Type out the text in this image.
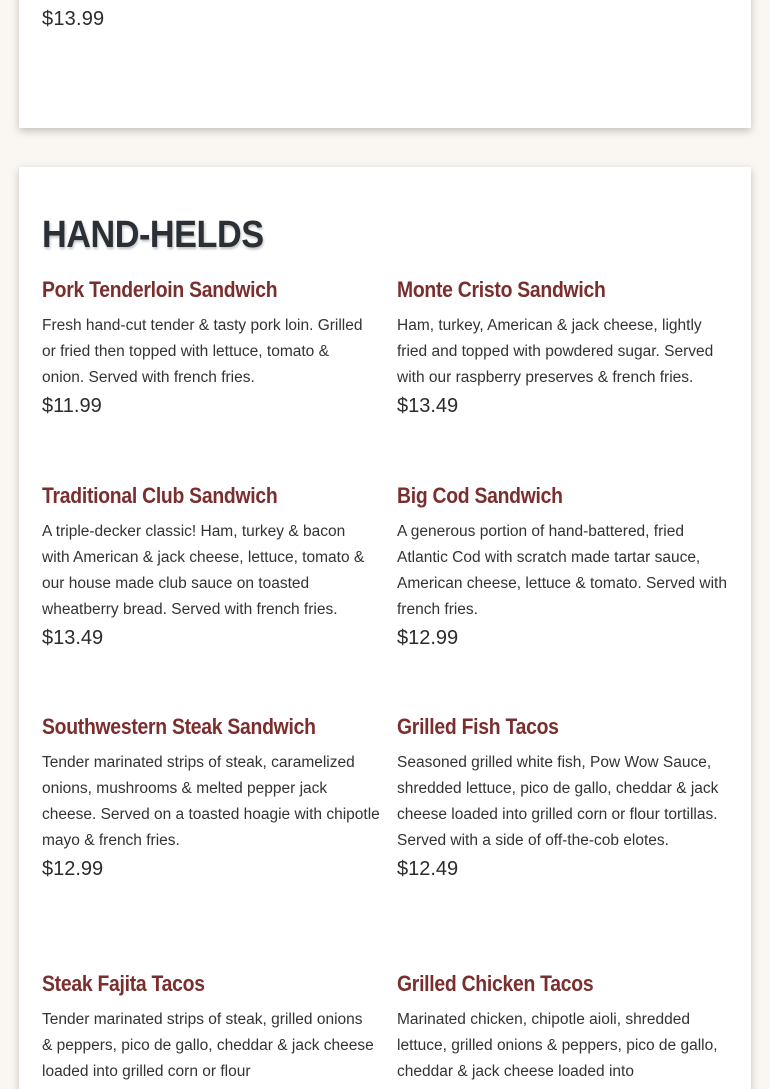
$13.99

HAND-HELDS
Pork Tenderloin Sandwich

Fresh hand-cut tender & tasty pork loin. Grilled or fried then topped with lettuce, tomato & onion. Served with french fries.

$11.99

Monte Cristo Sandwich

Ham, turkey, American & jack cheese, lightly fried and topped with powdered sugar. Served with our raspberry preserves & french fries.

$13.49

Traditional Club Sandwich

A triple-decker classic! Ham, turkey & bacon with American & jack cheese, lettuce, tomato & our house made club sauce on toasted wheatberry bread. Served with french fries.

$13.49

Big Cod Sandwich

A generous portion of hand-battered, fried Atlantic Cod with scratch made tartar sauce, American cheese, lettuce & tomato. Served with french fries.

$12.99

Southwestern Steak Sandwich

Tender marinated strips of steak, caramelized onions, mushrooms & melted pepper jack cheese. Served on a toasted hoagie with chipotle mayo & french fries.

$12.99

Grilled Fish Tacos

Seasoned grilled white fish, Pow Wow Sauce, shredded lettuce, pico de gallo, cheddar & jack cheese loaded into grilled corn or flour tortillas. Served with a side of off-the-cob elotes.

$12.49

Steak Fajita Tacos

Tender marinated strips of steak, grilled onions & peppers, pico de gallo, cheddar & jack cheese loaded into grilled corn or flour

Grilled Chicken Tacos

Marinated chicken, chipotle aioli, shredded lettuce, grilled onions & peppers, pico de gallo, cheddar & jack cheese loaded into
